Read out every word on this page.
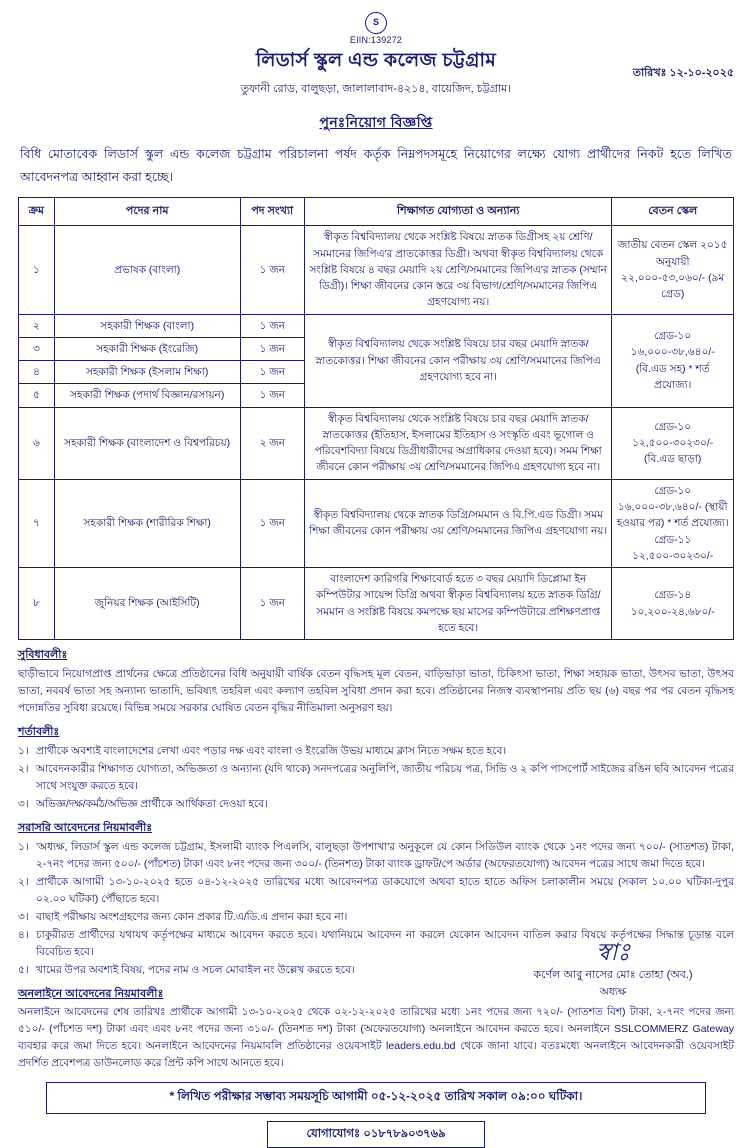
S
EIIN:139272
লিডার্স স্কুল এন্ড কলেজ চট্টগ্রাম
তুফানী রোড, বালুছড়া, জালালাবাদ-৪২১৪, বায়েজিদ, চট্টগ্রাম।
তারিখঃ ১২-১০-২০২৫
পুনঃনিয়োগ বিজ্ঞপ্তি
বিধি মোতাবেক লিডার্স স্কুল এন্ড কলেজ চট্টগ্রাম পরিচালনা পর্ষদ কর্তৃক নিম্নপদসমূহে নিয়োগের লক্ষ্যে যোগ্য প্রার্থীদের নিকট হতে লিখিত আবেদনপত্র আহ্বান করা হচ্ছে।
ক্রম	পদের নাম	পদ সংখ্যা	শিক্ষাগত যোগ্যতা ও অন্যান্য	বেতন স্কেল
১	প্রভাষক (বাংলা)	১ জন	স্বীকৃত বিশ্ববিদ্যালয় থেকে সংশ্লিষ্ট বিষয়ে স্নাতক ডিগ্রীসহ ২য় শ্রেণি/সমমানের জিপিএ'র প্রাতকোত্তর ডিগ্রী। অথবা স্বীকৃত বিশ্ববিদ্যালয় থেকে সংশ্লিষ্ট বিষয়ে ৪ বছর মেয়াদি ২য় শ্রেণি/সমমানের জিপিএ'র স্নাতক (সম্মান ডিগ্রী)। শিক্ষা জীবনের কোন স্তরে ৩য় বিভাগ/শ্রেণি/সমমানের জিপিএ গ্রহণযোগ্য নয়।	জাতীয় বেতন স্কেল ২০১৫ অনুযায়ী ২২,০০০-৫৩,০৬০/- (৯ম গ্রেড)
২	সহকারী শিক্ষক (বাংলা)	১ জন	স্বীকৃত বিশ্ববিদ্যালয় থেকে সংশ্লিষ্ট বিষয়ে চার বছর মেয়াদি স্নাতক/স্নাতকোত্তর। শিক্ষা জীবনের কোন পরীক্ষায় ৩য় শ্রেণি/সমমানের জিপিএ গ্রহণযোগ্য হবে না।	গ্রেড-১০ ১৬,০০০-৩৮,৬৪০/- (বি.এড সহ) * শর্ত প্রযোজ্য।
৩	সহকারী শিক্ষক (ইংরেজি)	১ জন		
৪	সহকারী শিক্ষক (ইসলাম শিক্ষা)	১ জন		
৫	সহকারী শিক্ষক (পদার্থ বিজ্ঞান/রসায়ন)	১ জন		
৬	সহকারী শিক্ষক (বাংলাদেশ ও বিশ্বপরিচয়)	২ জন	স্বীকৃত বিশ্ববিদ্যালয় থেকে সংশ্লিষ্ট বিষয়ে চার বছর মেয়াদি স্নাতক/স্নাতকোত্তর (ইতিহাস, ইসলামের ইতিহাস ও সংস্কৃতি এবং ভূগোল ও পরিবেশবিদ্যা বিষয়ে ডিগ্রীধারীদের অগ্রাধিকার দেওয়া হবে)। সমম শিক্ষা জীবনে কোন পরীক্ষায় ৩য় শ্রেণি/সমমানের জিপিএ গ্রহণযোগ্য হবে না।	গ্রেড-১০ ১২,৫০০-৩০২৩০/- (বি.এড ছাড়া)
৭	সহকারী শিক্ষক (শারীরিক শিক্ষা)	১ জন	স্বীকৃত বিশ্ববিদ্যালয় থেকে স্নাতক ডিগ্রি/সমমান ও বি.পি.এড ডিগ্রী। সমম শিক্ষা জীবনের কোন পরীক্ষায় ৩য় শ্রেণি/সমমানের জিপিএ গ্রহণযোগ্য নয়।	গ্রেড-১০ ১৬,০০০-৩৮,৬৪০/- (স্থায়ী হওয়ার পর) * শর্ত প্রযোজ্য। গ্রেড-১১ ১২,৫০০-৩০২৩০/-
৮	জুনিয়র শিক্ষক (আইসিটি)	১ জন	বাংলাদেশ কারিগরি শিক্ষাবোর্ড হতে ৩ বছর মেয়াদি ডিপ্লোমা ইন কম্পিউটার সায়েন্স ডিগ্রি অথবা স্বীকৃত বিশ্ববিদ্যালয় হতে স্নাতক ডিগ্রি/সমমান ও সংশ্লিষ্ট বিষয়ে কমপক্ষে ছয় মাসের কম্পিউটারে প্রশিক্ষণপ্রাপ্ত হতে হবে।	গ্রেড-১৪ ১০,২০০-২৪,৬৮০/-
সুবিধাবলীঃ

ছাড়ীভাবে নিয়োগপ্রাপ্ত প্রার্থনের ক্ষেত্রে প্রতিষ্ঠানের বিধি অনুযায়ী বার্ষিক বেতন বৃদ্ধিসহ মূল বেতন, বাড়িভাড়া ভাতা, চিকিৎসা ভাতা, শিক্ষা সহায়ক ভাতা, উৎসব ভাতা, উৎসব ভাতা, নববর্ষ ভাতা সহ অন্যান্য ভাতাদি, ভবিষ্যৎ তহবিল এবং কল্যাণ তহবিল সুবিধা প্রদান করা হবে। প্রতিষ্ঠানের নিজস্ব ব্যবস্থাপনায় প্রতি ছয় (৬) বছর পর পর বেতন বৃদ্ধিসহ পদোন্নতির সুবিধা রয়েছে। বিভিন্ন সময়ে সরকার ঘোষিত বেতন বৃদ্ধির নীতিমালা অনুসরণ হয়।

শর্তাবলীঃ
১। প্রার্থীকে অবশ্যই বাংলাদেশের লেখা এবং পড়ার দক্ষ এবং বাংলা ও ইংরেজি উভয় মাধ্যমে ক্লাস নিতে সক্ষম হতে হবে।
২। আবেদনকারীর শিক্ষাগত যোগ্যতা, অভিজ্ঞতা ও অন্যান্য (যদি থাকে) সনদপত্রের অনুলিপি, জাতীয় পরিচয় পত্র, সিভি ও ২ কপি পাসপোর্ট সাইজের রঙিন ছবি আবেদন পত্রের সাথে সংযুক্ত করতে হবে।
৩। অভিজ্ঞ/দক্ষ/কর্মঠ/অভিজ্ঞ প্রার্থীকে আর্থিকতা দেওয়া হবে।
সরাসরি আবেদনের নিয়মাবলীঃ
১। 'অধ্যক্ষ, লিডার্স স্কুল এন্ড কলেজ চট্টগ্রাম, ইসলামী ব্যাংক পিএলসি, বালুছড়া উপশাখা'র অনুকূলে যে কোন সিডিউল ব্যাংক থেকে ১নং পদের জন্য ৭০০/- (সাতশত) টাকা, ২-৭নং পদের জন্য ৫০০/- (পাঁচশত) টাকা এবং ৮নং পদের জন্য ৩০০/- (তিনশত) টাকা ব্যাংক ড্রাফট/পে অর্ডার (অফেরতযোগ্য) আবেদন পত্রের সাথে জমা দিতে হবে।
২। প্রার্থীকে আগামী ১৩-১০-২০২৫ হতে ০৪-১২-২০২৫ তারিখের মধ্যে আবেদনপত্র ডাকযোগে অথবা হাতে হাতে অফিস চলাকালীন সময়ে (সকাল ১০.০০ ঘটিকা-দুপুর ০২.০০ ঘটিকা) পৌঁছাতে হবে।
৩। বাছাই পরীক্ষায় অংশগ্রহণের জন্য কোন প্রকার টি.এ/ডি.এ প্রদান করা হবে না।
৪। চাকুরীরত প্রার্থীদের যথাযথ কর্তৃপক্ষের মাধ্যমে আবেদন করতে হবে। যথানিয়মে আবেদন না করলে যেকোন আবেদন বাতিল করার বিষয়ে কর্তৃপক্ষের সিদ্ধান্ত চূড়ান্ত বলে বিবেচিত হবে।
৫। খামের উপর অবশ্যই বিষয়, পদের নাম ও সচল মোবাইল নং উল্লেখ করতে হবে।
অনলাইনে আবেদনের নিয়মাবলীঃ

অনলাইনে আবেদনের শেষ তারিখঃ প্রার্থীকে আগামী ১৩-১০-২০২৫ থেকে ০২-১২-২০২৫ তারিখের মধ্যে ১নং পদের জন্য ৭২০/- (সাতশত বিশ) টাকা, ২-৭নং পদের জন্য ৫১০/- (পাঁচশত দশ) টাকা এবং এবং ৮নং পদের জন্য ৩১০/- (তিনশত দশ) টাকা (অফেরতযোগ্য) অনলাইনে আবেদন করতে হবে। অনলাইনে SSLCOMMERZ Gateway ব্যবহার করে জমা দিতে হবে। অনলাইনে আবেদনের নিয়মাবলি প্রতিষ্ঠানের ওয়েবসাইট leaders.edu.bd থেকে জানা যাবে। বতঃমধ্যে অনলাইনে আবেদনকারী ওয়েবসাইট প্রদর্শিত প্রবেশপত্র ডাউনলোড করে প্রিন্ট কপি সাথে আনতে হবে।

* লিখিত পরীক্ষার সম্ভাব্য সময়সূচি আগামী ০৫-১২-২০২৫ তারিখ সকাল ০৯:০০ ঘটিকা।
যোগাযোগঃ ০১৮৭৮৯০৩৭৬৯
স্বাঃ
কর্ণেল আবু নাসের মোঃ তোহা (অব.)
অধ্যক্ষ
